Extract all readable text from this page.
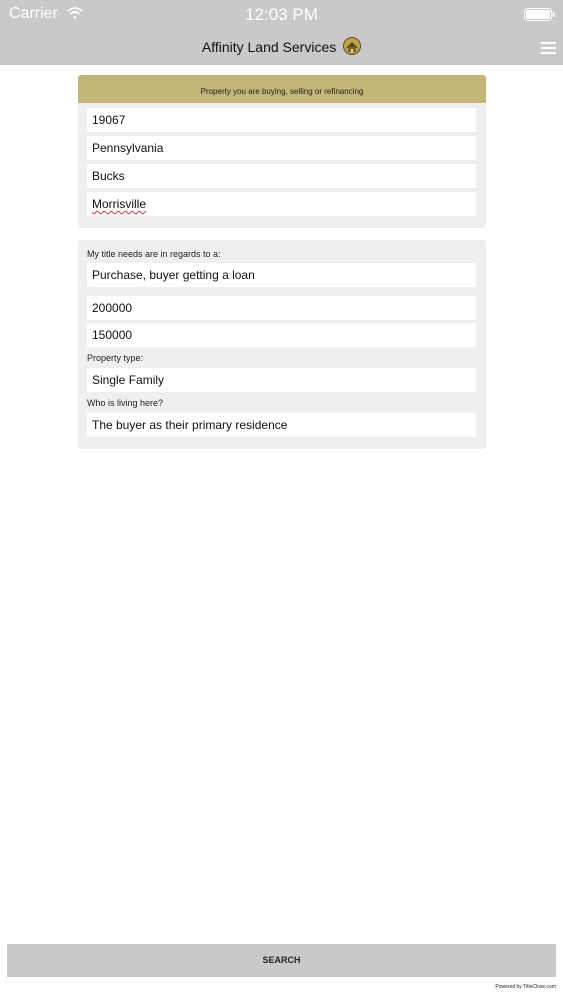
Carrier	12:03 PM
Affinity Land Services
Property you are buying, selling or refinancing
19067
Pennsylvania
Bucks
Morrisville
My title needs are in regards to a:
Purchase, buyer getting a loan
200000
150000
Property type:
Single Family
Who is living here?
The buyer as their primary residence
SEARCH
Powered by TitleClose.com
